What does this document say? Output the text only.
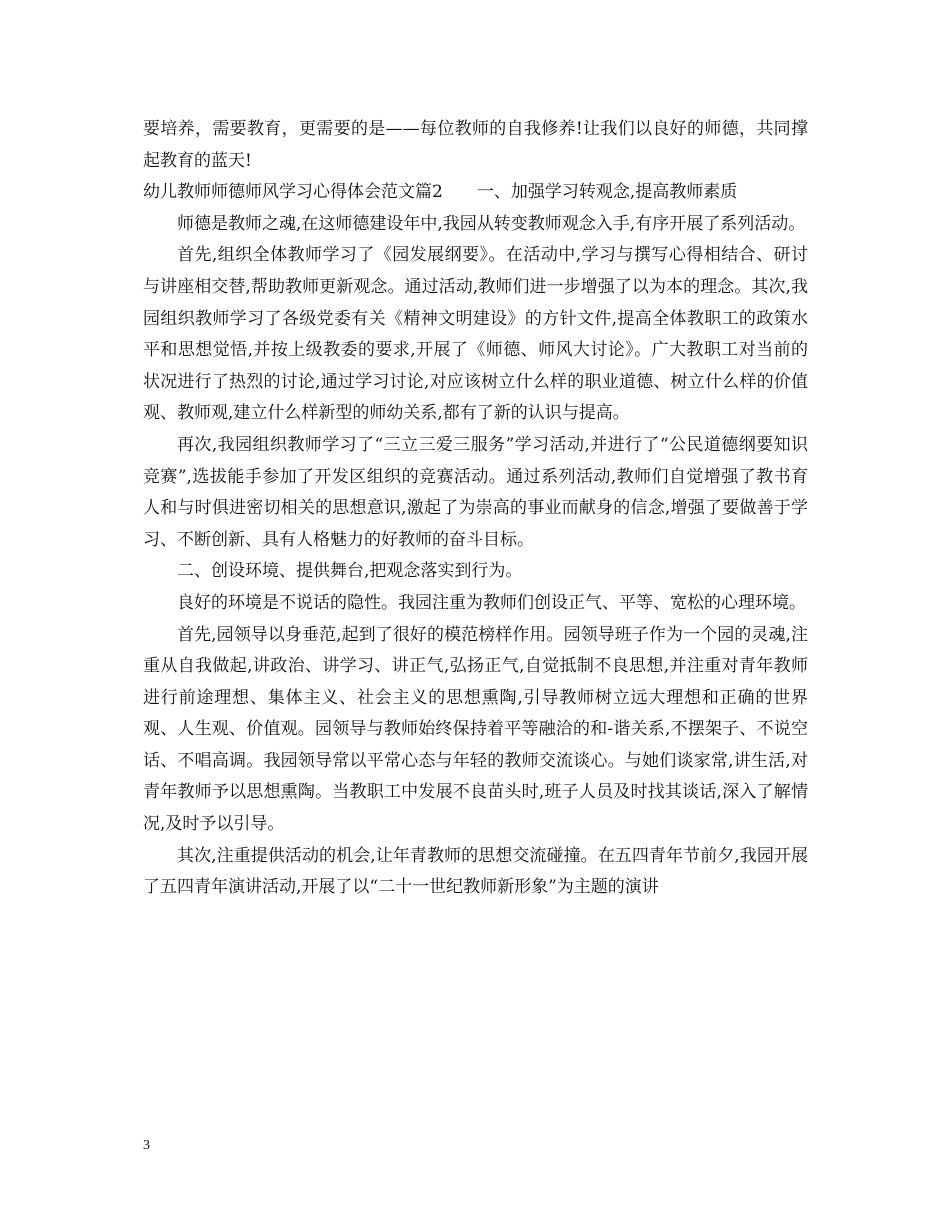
要培养，需要教育，更需要的是——每位教师的自我修养!让我们以良好的师德，共同撑起教育的蓝天!

幼儿教师师德师风学习心得体会范文篇2　　一、加强学习转观念,提高教师素质

师德是教师之魂,在这师德建设年中,我园从转变教师观念入手,有序开展了系列活动。

首先,组织全体教师学习了《园发展纲要》。在活动中,学习与撰写心得相结合、研讨与讲座相交替,帮助教师更新观念。通过活动,教师们进一步增强了以为本的理念。其次,我园组织教师学习了各级党委有关《精神文明建设》的方针文件,提高全体教职工的政策水平和思想觉悟,并按上级教委的要求,开展了《师德、师风大讨论》。广大教职工对当前的状况进行了热烈的讨论,通过学习讨论,对应该树立什么样的职业道德、树立什么样的价值观、教师观,建立什么样新型的师幼关系,都有了新的认识与提高。

再次,我园组织教师学习了“三立三爱三服务”学习活动,并进行了“公民道德纲要知识竞赛”,选拔能手参加了开发区组织的竞赛活动。通过系列活动,教师们自觉增强了教书育人和与时俱进密切相关的思想意识,激起了为崇高的事业而献身的信念,增强了要做善于学习、不断创新、具有人格魅力的好教师的奋斗目标。

二、创设环境、提供舞台,把观念落实到行为。

良好的环境是不说话的隐性。我园注重为教师们创设正气、平等、宽松的心理环境。

首先,园领导以身垂范,起到了很好的模范榜样作用。园领导班子作为一个园的灵魂,注重从自我做起,讲政治、讲学习、讲正气,弘扬正气,自觉抵制不良思想,并注重对青年教师进行前途理想、集体主义、社会主义的思想熏陶,引导教师树立远大理想和正确的世界观、人生观、价值观。园领导与教师始终保持着平等融洽的和-谐关系,不摆架子、不说空话、不唱高调。我园领导常以平常心态与年轻的教师交流谈心。与她们谈家常,讲生活,对青年教师予以思想熏陶。当教职工中发展不良苗头时,班子人员及时找其谈话,深入了解情况,及时予以引导。

其次,注重提供活动的机会,让年青教师的思想交流碰撞。在五四青年节前夕,我园开展了五四青年演讲活动,开展了以“二十一世纪教师新形象”为主题的演讲

3
